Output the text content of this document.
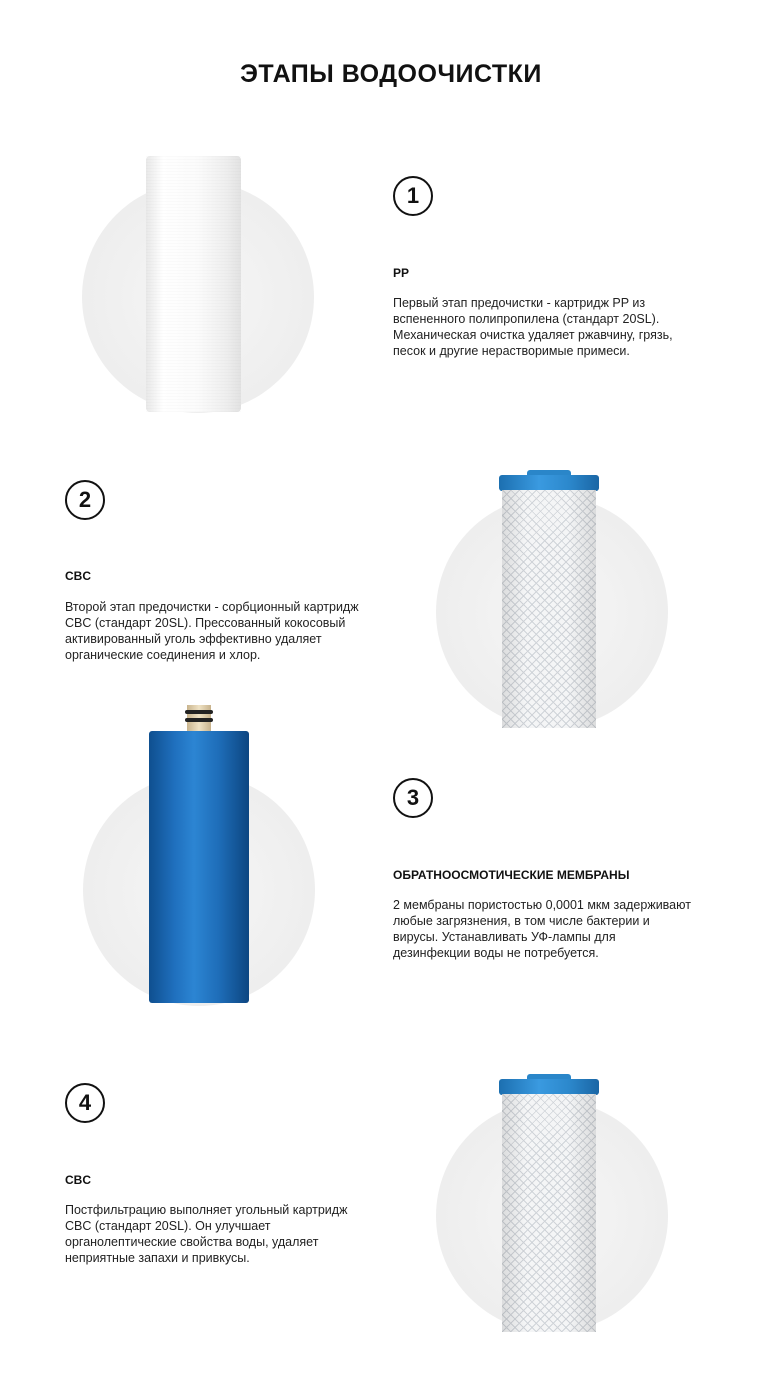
ЭТАПЫ ВОДООЧИСТКИ
1
PP
Первый этап предочистки - картридж PP из вспененного полипропилена (стандарт 20SL). Механическая очистка удаляет ржавчину, грязь, песок и другие нерастворимые примеси.
2
CBC
Второй этап предочистки - сорбционный картридж CBC (стандарт 20SL). Прессованный кокосовый активированный уголь эффективно удаляет органические соединения и хлор.
3
ОБРАТНООСМОТИЧЕСКИЕ МЕМБРАНЫ
2 мембраны пористостью 0,0001 мкм задерживают любые загрязнения, в том числе бактерии и вирусы. Устанавливать УФ-лампы для дезинфекции воды не потребуется.
4
CBC
Постфильтрацию выполняет угольный картридж CBC (стандарт 20SL). Он улучшает органолептические свойства воды, удаляет неприятные запахи и привкусы.
